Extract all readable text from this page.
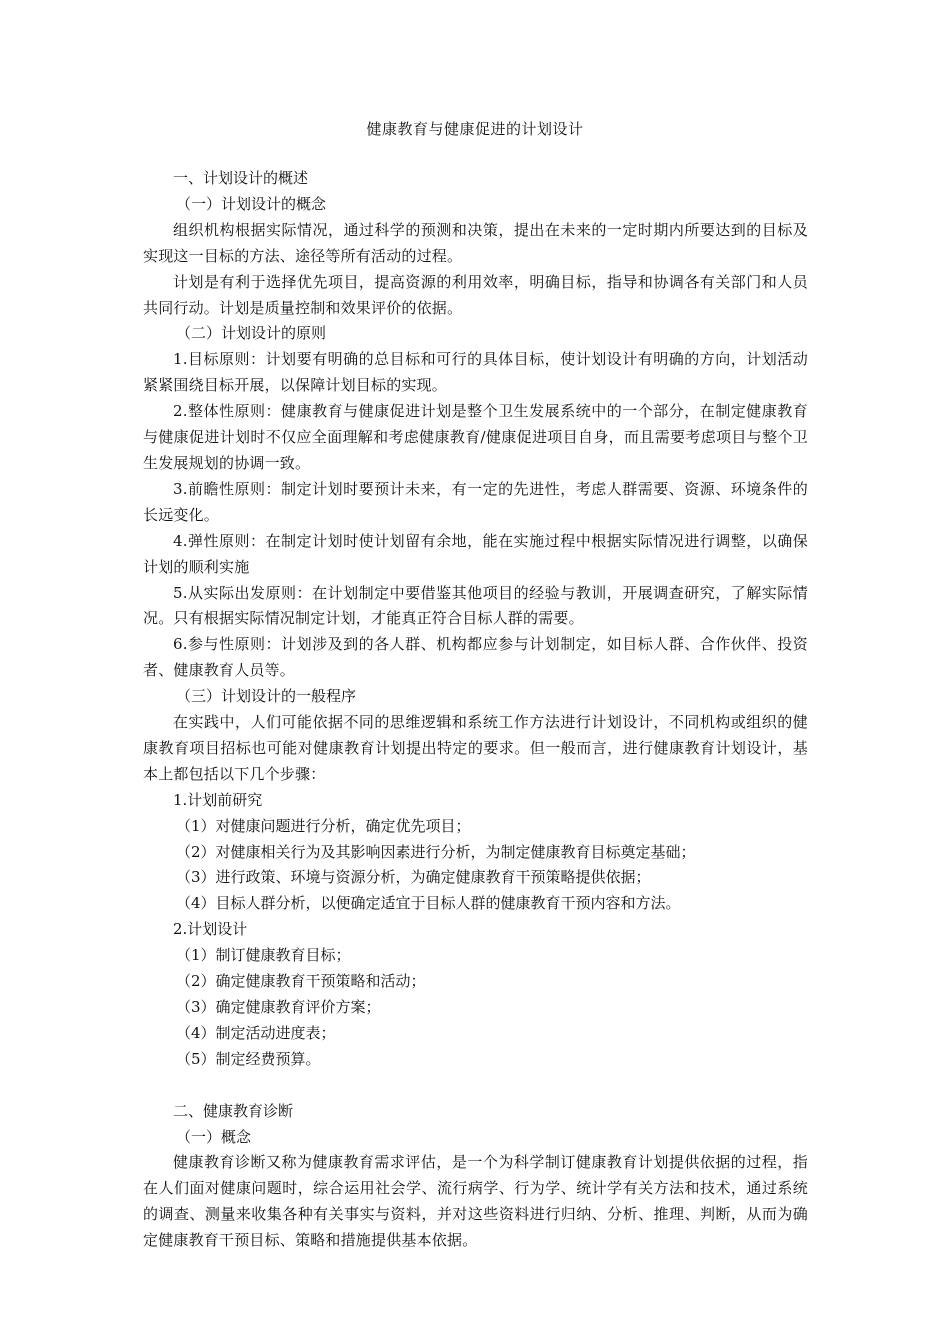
健康教育与健康促进的计划设计

一、计划设计的概述

（一）计划设计的概念

组织机构根据实际情况，通过科学的预测和决策，提出在未来的一定时期内所要达到的目标及实现这一目标的方法、途径等所有活动的过程。

计划是有利于选择优先项目，提高资源的利用效率，明确目标，指导和协调各有关部门和人员共同行动。计划是质量控制和效果评价的依据。

（二）计划设计的原则

1.目标原则：计划要有明确的总目标和可行的具体目标，使计划设计有明确的方向，计划活动紧紧围绕目标开展，以保障计划目标的实现。

2.整体性原则：健康教育与健康促进计划是整个卫生发展系统中的一个部分，在制定健康教育与健康促进计划时不仅应全面理解和考虑健康教育/健康促进项目自身，而且需要考虑项目与整个卫生发展规划的协调一致。

3.前瞻性原则：制定计划时要预计未来，有一定的先进性，考虑人群需要、资源、环境条件的长远变化。

4.弹性原则：在制定计划时使计划留有余地，能在实施过程中根据实际情况进行调整，以确保计划的顺利实施

5.从实际出发原则：在计划制定中要借鉴其他项目的经验与教训，开展调查研究，了解实际情况。只有根据实际情况制定计划，才能真正符合目标人群的需要。

6.参与性原则：计划涉及到的各人群、机构都应参与计划制定，如目标人群、合作伙伴、投资者、健康教育人员等。

（三）计划设计的一般程序

在实践中，人们可能依据不同的思维逻辑和系统工作方法进行计划设计，不同机构或组织的健康教育项目招标也可能对健康教育计划提出特定的要求。但一般而言，进行健康教育计划设计，基本上都包括以下几个步骤：

1.计划前研究

（1）对健康问题进行分析，确定优先项目；

（2）对健康相关行为及其影响因素进行分析，为制定健康教育目标奠定基础；

（3）进行政策、环境与资源分析，为确定健康教育干预策略提供依据；

（4）目标人群分析，以便确定适宜于目标人群的健康教育干预内容和方法。

2.计划设计

（1）制订健康教育目标；

（2）确定健康教育干预策略和活动；

（3）确定健康教育评价方案；

（4）制定活动进度表；

（5）制定经费预算。

二、健康教育诊断

（一）概念

健康教育诊断又称为健康教育需求评估，是一个为科学制订健康教育计划提供依据的过程，指在人们面对健康问题时，综合运用社会学、流行病学、行为学、统计学有关方法和技术，通过系统的调查、测量来收集各种有关事实与资料，并对这些资料进行归纳、分析、推理、判断，从而为确定健康教育干预目标、策略和措施提供基本依据。
